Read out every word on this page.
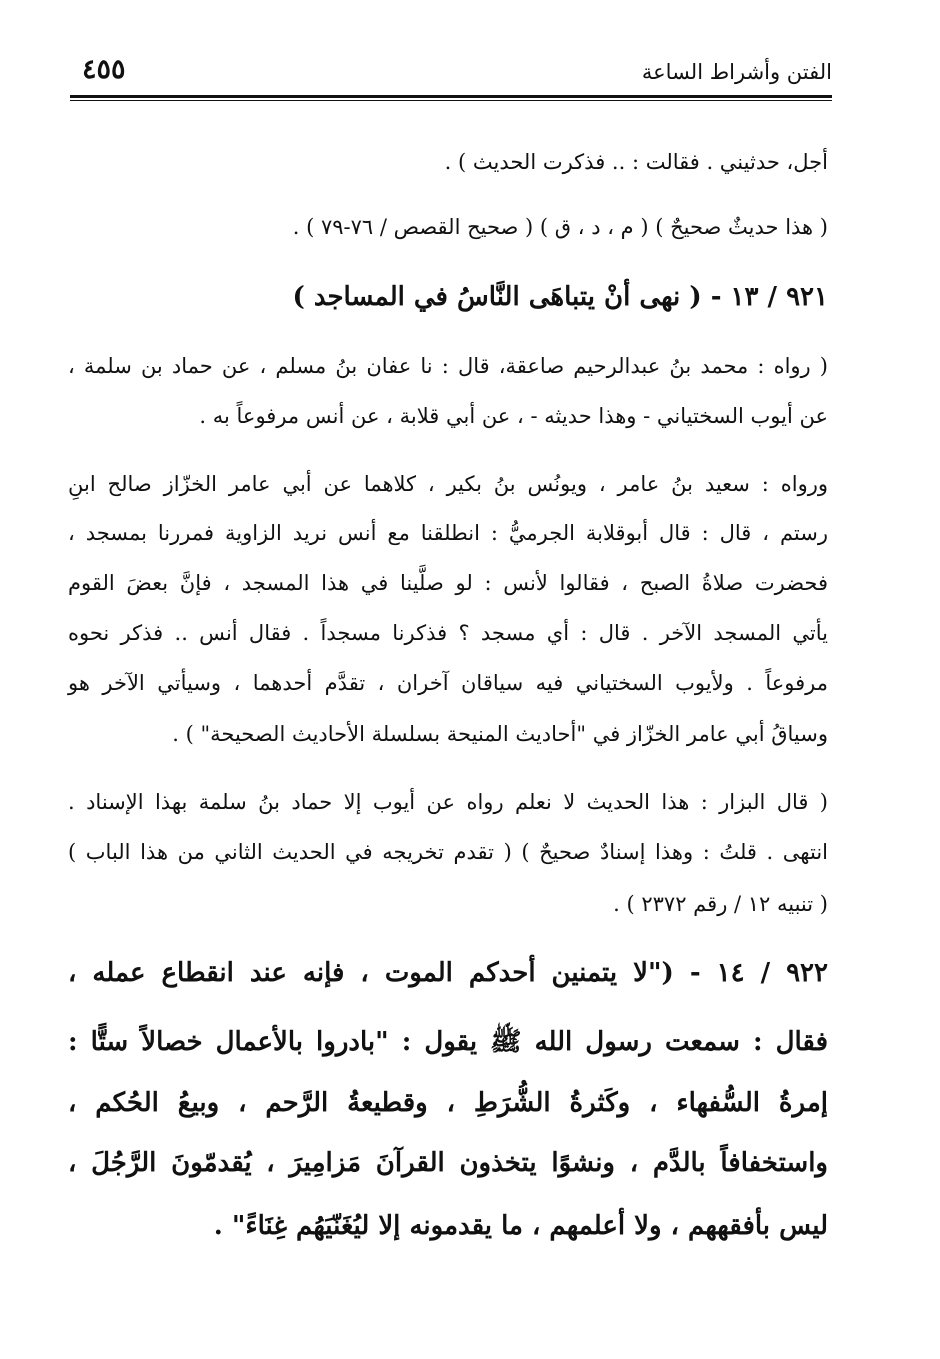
٤٥٥	الفتن وأشراط الساعة
أجل، حدثيني . فقالت : .. فذكرت الحديث ) .
( هذا حديثٌ صحيحٌ ) ( م ، د ، ق ) ( صحيح القصص / ٧٦-٧٩ ) .
٩٢١ / ١٣ - ( نهى أنْ يتباهَى النَّاسُ في المساجد )
( رواه : محمد بنُ عبدالرحيم صاعقة، قال : نا عفان بنُ مسلم ، عن حماد بن سلمة ،
عن أيوب السختياني - وهذا حديثه - ، عن أبي قلابة ، عن أنس مرفوعاً به .
ورواه : سعيد بنُ عامر ، ويونُس بنُ بكير ، كلاهما عن أبي عامر الخزّاز صالح ابنِ
رستم ، قال : قال أبوقلابة الجرميُّ : انطلقنا مع أنس نريد الزاوية فمررنا بمسجد ،
فحضرت صلاةُ الصبح ، فقالوا لأنس : لو صلَّينا في هذا المسجد ، فإنَّ بعضَ القوم
يأتي المسجد الآخر . قال : أي مسجد ؟ فذكرنا مسجداً . فقال أنس .. فذكر نحوه
مرفوعاً . ولأيوب السختياني فيه سياقان آخران ، تقدَّم أحدهما ، وسيأتي الآخر هو
وسياقُ أبي عامر الخزّاز في "أحاديث المنيحة بسلسلة الأحاديث الصحيحة" ) .
( قال البزار : هذا الحديث لا نعلم رواه عن أيوب إلا حماد بنُ سلمة بهذا الإسناد .
انتهى . قلتُ : وهذا إسنادٌ صحيحٌ ) ( تقدم تخريجه في الحديث الثاني من هذا الباب )
( تنبيه ١٢ / رقم ٢٣٧٢ ) .
٩٢٢ / ١٤ - ("لا يتمنين أحدكم الموت ، فإنه عند انقطاع عمله ،
فقال : سمعت رسول الله ﷺ يقول : "بادروا بالأعمال خصالاً ستًّا :
إمرةُ السُّفهاء ، وكَثرةُ الشُّرَطِ ، وقطيعةُ الرَّحم ، وبيعُ الحُكم ،
واستخفافاً بالدَّم ، ونشوًا يتخذون القرآنَ مَزامِيرَ ، يُقدمّونَ الرَّجُلَ ،
ليس بأفقههم ، ولا أعلمهم ، ما يقدمونه إلا ليُغَنّيَهُم غِنَاءً" .
